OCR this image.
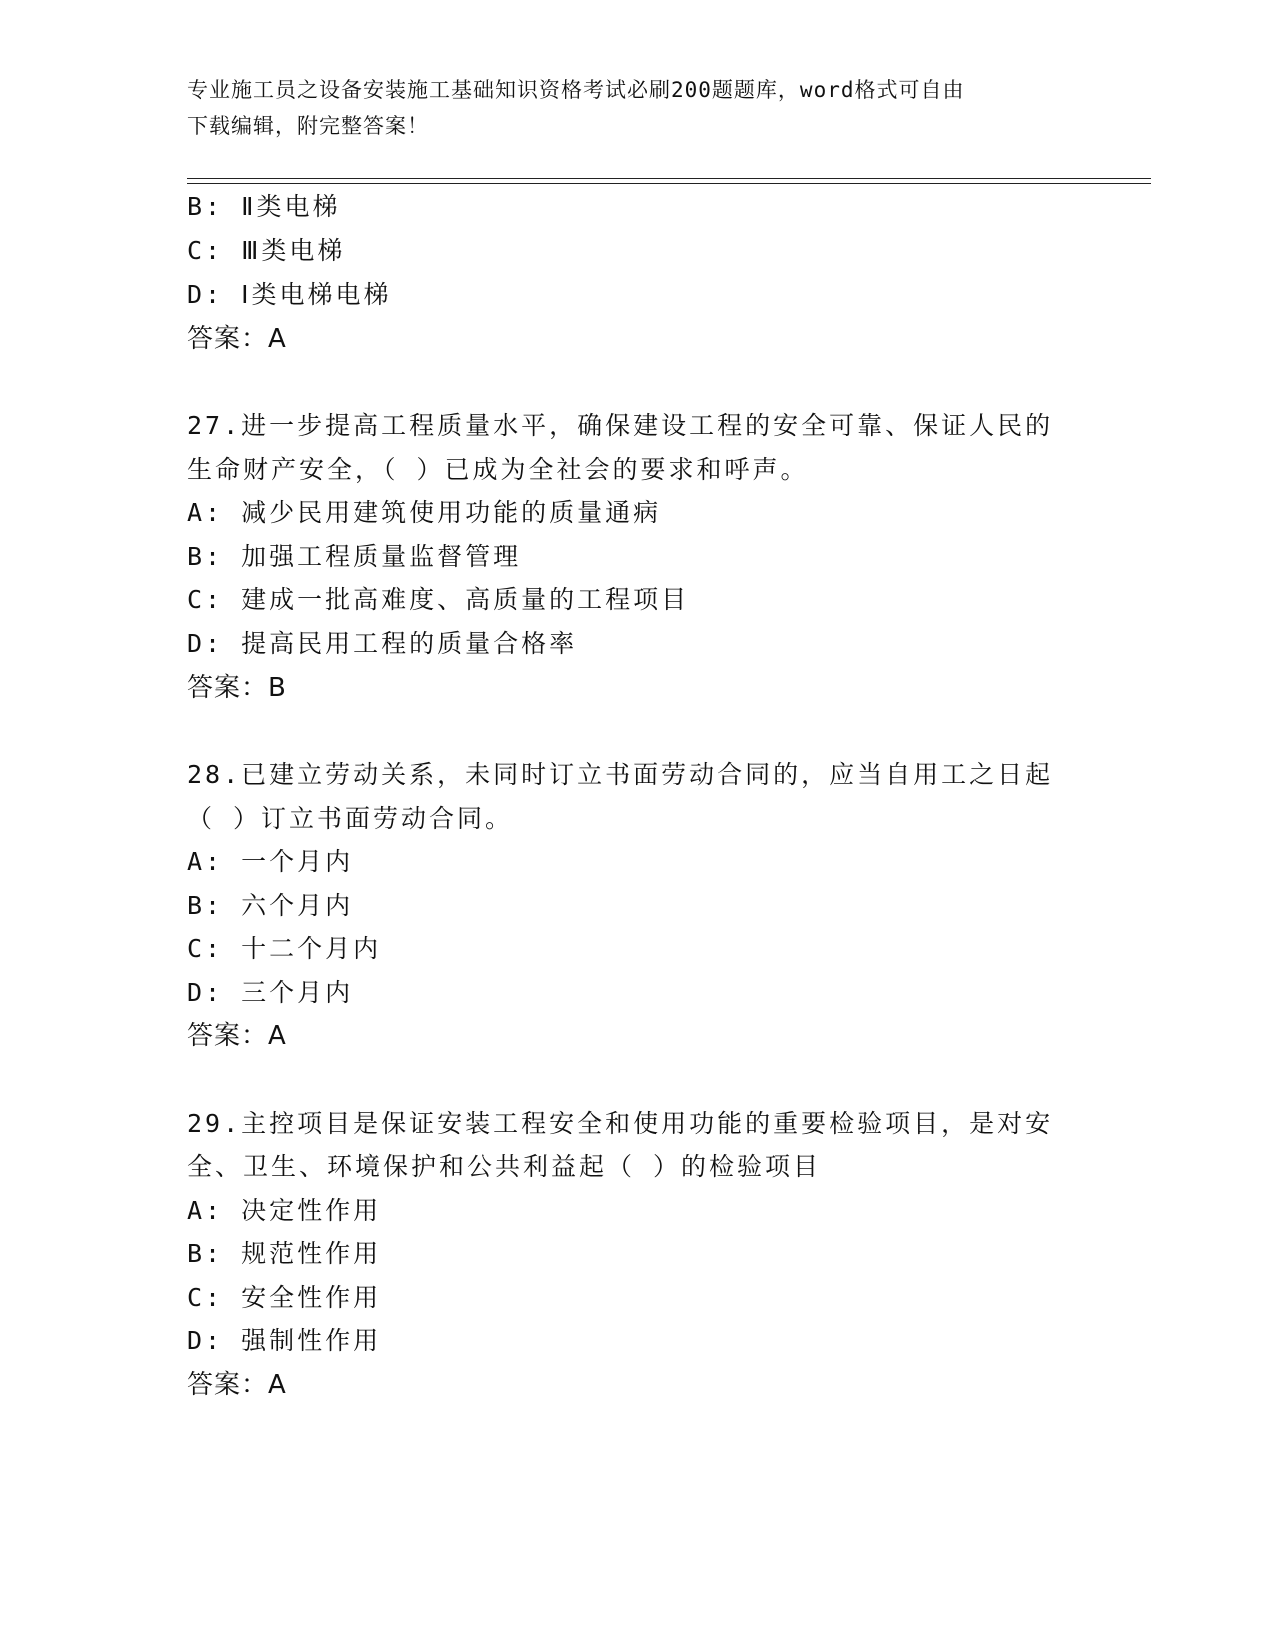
专业施工员之设备安装施工基础知识资格考试必刷200题题库，word格式可自由
下载编辑，附完整答案！
B: Ⅱ类电梯
C: Ⅲ类电梯
D: Ⅰ类电梯电梯
答案：A
27.进一步提高工程质量水平，确保建设工程的安全可靠、保证人民的
生命财产安全，（ ）已成为全社会的要求和呼声。
A: 减少民用建筑使用功能的质量通病
B: 加强工程质量监督管理
C: 建成一批高难度、高质量的工程项目
D: 提高民用工程的质量合格率
答案：B
28.已建立劳动关系，未同时订立书面劳动合同的，应当自用工之日起
（ ）订立书面劳动合同。
A: 一个月内
B: 六个月内
C: 十二个月内
D: 三个月内
答案：A
29.主控项目是保证安装工程安全和使用功能的重要检验项目，是对安
全、卫生、环境保护和公共利益起（ ）的检验项目
A: 决定性作用
B: 规范性作用
C: 安全性作用
D: 强制性作用
答案：A
